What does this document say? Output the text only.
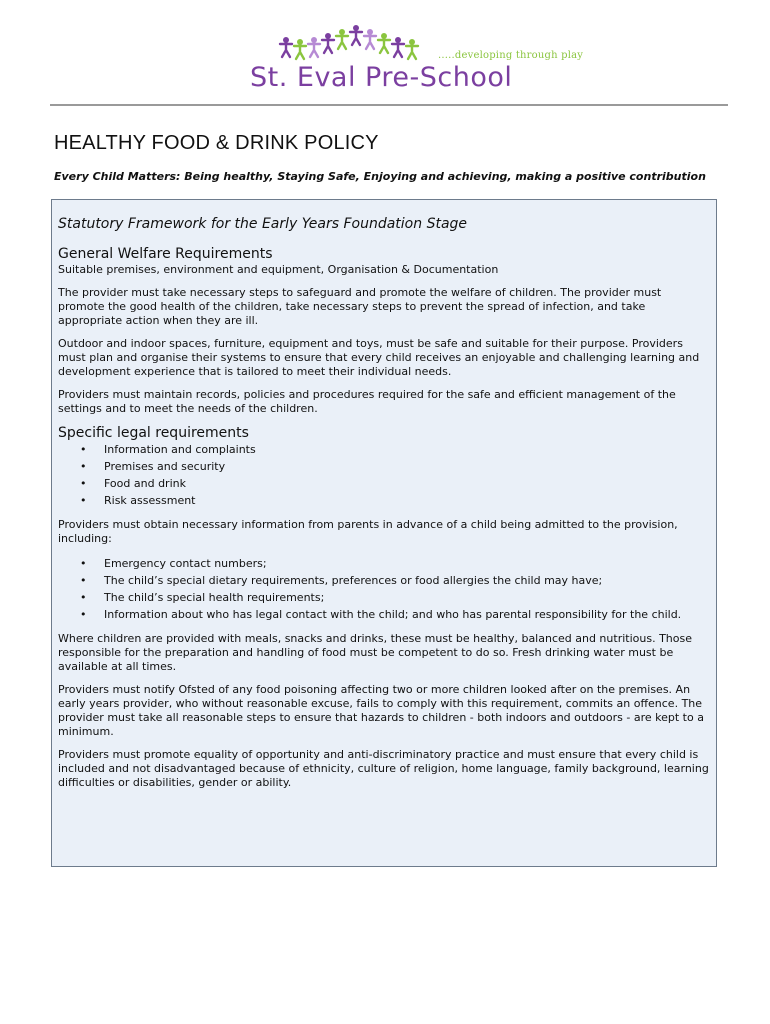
.....developing through play
St. Eval Pre-School
HEALTHY FOOD & DRINK POLICY
Every Child Matters: Being healthy, Staying Safe, Enjoying and achieving, making a positive contribution
Statutory Framework for the Early Years Foundation Stage
General Welfare Requirements
Suitable premises, environment and equipment, Organisation & Documentation

The provider must take necessary steps to safeguard and promote the welfare of children. The provider must promote the good health of the children, take necessary steps to prevent the spread of infection, and take appropriate action when they are ill.

Outdoor and indoor spaces, furniture, equipment and toys, must be safe and suitable for their purpose. Providers must plan and organise their systems to ensure that every child receives an enjoyable and challenging learning and development experience that is tailored to meet their individual needs.

Providers must maintain records, policies and procedures required for the safe and efficient management of the settings and to meet the needs of the children.

Specific legal requirements
• Information and complaints
• Premises and security
• Food and drink
• Risk assessment

Providers must obtain necessary information from parents in advance of a child being admitted to the provision, including:

• Emergency contact numbers;
• The child’s special dietary requirements, preferences or food allergies the child may have;
• The child’s special health requirements;
• Information about who has legal contact with the child; and who has parental responsibility for the child.

Where children are provided with meals, snacks and drinks, these must be healthy, balanced and nutritious. Those responsible for the preparation and handling of food must be competent to do so. Fresh drinking water must be available at all times.

Providers must notify Ofsted of any food poisoning affecting two or more children looked after on the premises. An early years provider, who without reasonable excuse, fails to comply with this requirement, commits an offence. The provider must take all reasonable steps to ensure that hazards to children - both indoors and outdoors - are kept to a minimum.

Providers must promote equality of opportunity and anti-discriminatory practice and must ensure that every child is included and not disadvantaged because of ethnicity, culture of religion, home language, family background, learning difficulties or disabilities, gender or ability.
